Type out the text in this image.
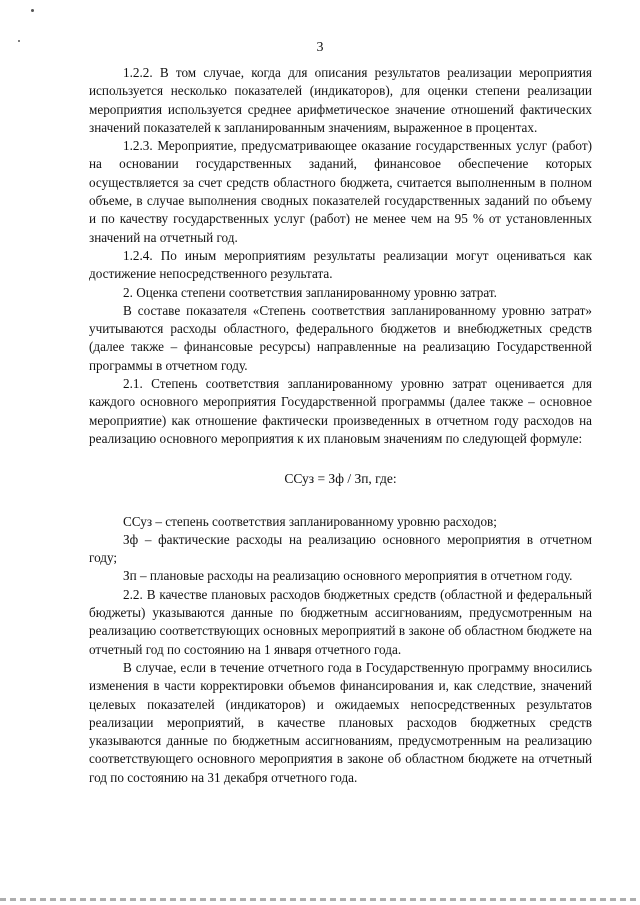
3

1.2.2. В том случае, когда для описания результатов реализации мероприятия используется несколько показателей (индикаторов), для оценки степени реализации мероприятия используется среднее арифметическое значение отношений фактических значений показателей к запланированным значениям, выраженное в процентах.

1.2.3. Мероприятие, предусматривающее оказание государственных услуг (работ) на основании государственных заданий, финансовое обеспечение которых осуществляется за счет средств областного бюджета, считается выполненным в полном объеме, в случае выполнения сводных показателей государственных заданий по объему и по качеству государственных услуг (работ) не менее чем на 95 % от установленных значений на отчетный год.

1.2.4. По иным мероприятиям результаты реализации могут оцениваться как достижение непосредственного результата.

2. Оценка степени соответствия запланированному уровню затрат.

В составе показателя «Степень соответствия запланированному уровню затрат» учитываются расходы областного, федерального бюджетов и внебюджетных средств (далее также – финансовые ресурсы) направленные на реализацию Государственной программы в отчетном году.

2.1. Степень соответствия запланированному уровню затрат оценивается для каждого основного мероприятия Государственной программы (далее также – основное мероприятие) как отношение фактически произведенных в отчетном году расходов на реализацию основного мероприятия к их плановым значениям по следующей формуле:

ССуз = Зф / Зп, где:

ССуз – степень соответствия запланированному уровню расходов;

Зф – фактические расходы на реализацию основного мероприятия в отчетном году;

Зп – плановые расходы на реализацию основного мероприятия в отчетном году.

2.2. В качестве плановых расходов бюджетных средств (областной и федеральный бюджеты) указываются данные по бюджетным ассигнованиям, предусмотренным на реализацию соответствующих основных мероприятий в законе об областном бюджете на отчетный год по состоянию на 1 января отчетного года.

В случае, если в течение отчетного года в Государственную программу вносились изменения в части корректировки объемов финансирования и, как следствие, значений целевых показателей (индикаторов) и ожидаемых непосредственных результатов реализации мероприятий, в качестве плановых расходов бюджетных средств указываются данные по бюджетным ассигнованиям, предусмотренным на реализацию соответствующего основного мероприятия в законе об областном бюджете на отчетный год по состоянию на 31 декабря отчетного года.
